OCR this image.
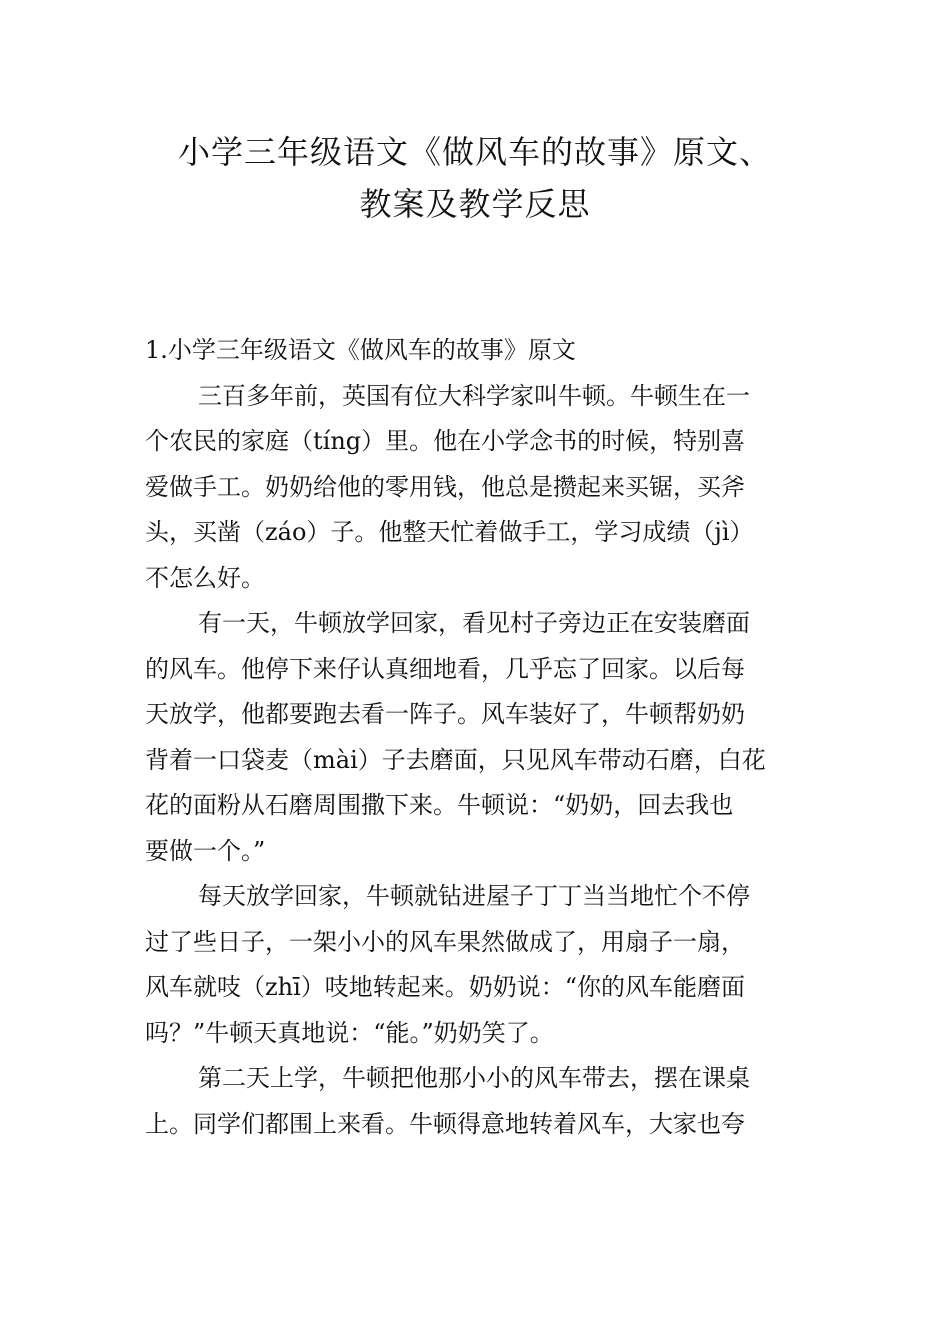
小学三年级语文《做风车的故事》原文、
教案及教学反思

1.小学三年级语文《做风车的故事》原文

三百多年前，英国有位大科学家叫牛顿。牛顿生在一
个农民的家庭（tíng）里。他在小学念书的时候，特别喜
爱做手工。奶奶给他的零用钱，他总是攒起来买锯，买斧
头，买凿（záo）子。他整天忙着做手工，学习成绩（jì）
不怎么好。

有一天，牛顿放学回家，看见村子旁边正在安装磨面
的风车。他停下来仔认真细地看，几乎忘了回家。以后每
天放学，他都要跑去看一阵子。风车装好了，牛顿帮奶奶
背着一口袋麦（mài）子去磨面，只见风车带动石磨，白花
花的面粉从石磨周围撒下来。牛顿说：“奶奶，回去我也
要做一个。”

每天放学回家，牛顿就钻进屋子丁丁当当地忙个不停
过了些日子，一架小小的风车果然做成了，用扇子一扇，
风车就吱（zhī）吱地转起来。奶奶说：“你的风车能磨面
吗？”牛顿天真地说：“能。”奶奶笑了。

第二天上学，牛顿把他那小小的风车带去，摆在课桌
上。同学们都围上来看。牛顿得意地转着风车，大家也夸
